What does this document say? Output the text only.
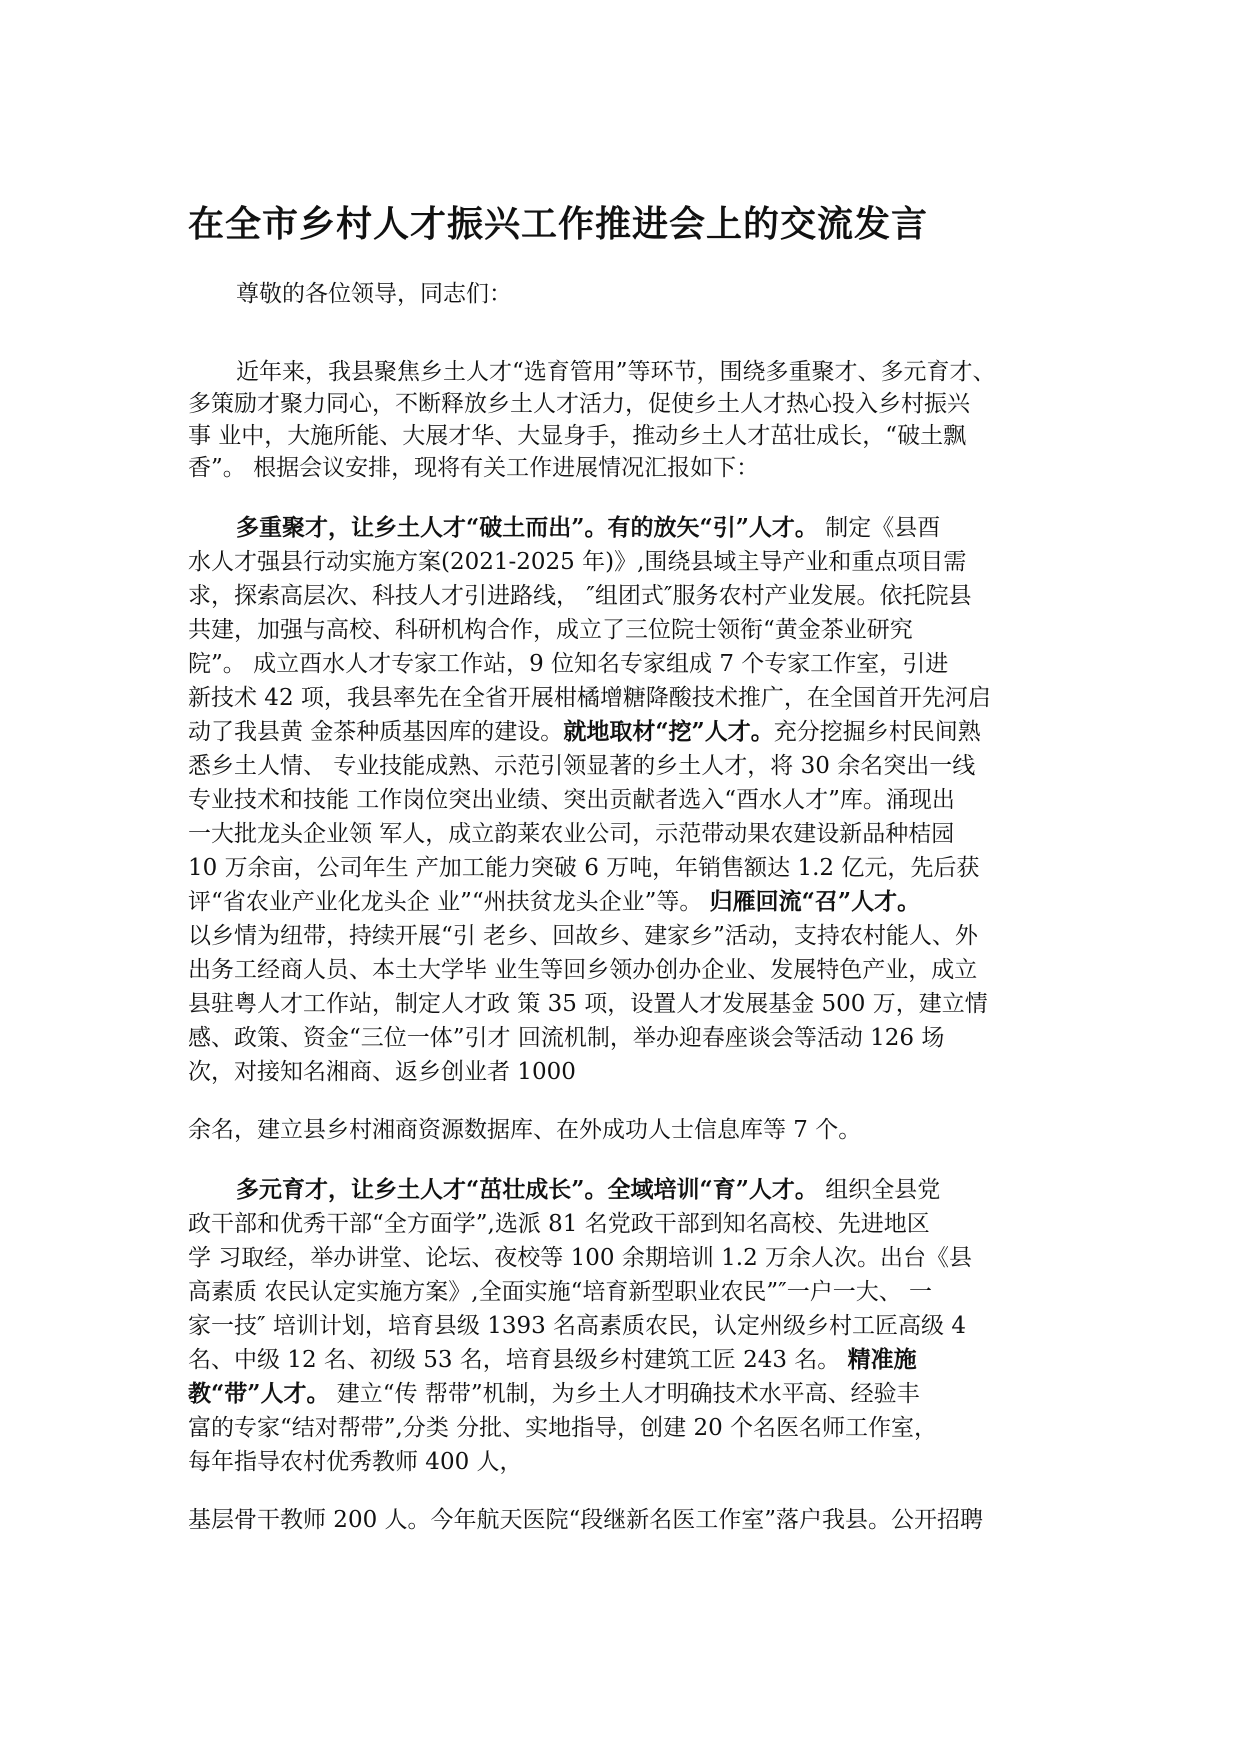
在全市乡村人才振兴工作推进会上的交流发言
尊敬的各位领导，同志们：
近年来，我县聚焦乡土人才“选育管用”等环节，围绕多重聚才、多元育才、
多策励才聚力同心，不断释放乡土人才活力，促使乡土人才热心投入乡村振兴
事 业中，大施所能、大展才华、大显身手，推动乡土人才茁壮成长，“破土飘
香”。 根据会议安排，现将有关工作进展情况汇报如下：
多重聚才，让乡土人才“破土而出”。有的放矢“引”人才。 制定《县酉
水人才强县行动实施方案(2021-2025 年)》,围绕县域主导产业和重点项目需
求，探索高层次、科技人才引进路线， ″组团式″服务农村产业发展。依托院县
共建，加强与高校、科研机构合作，成立了三位院士领衔“黄金茶业研究
院”。 成立酉水人才专家工作站，9 位知名专家组成 7 个专家工作室，引进
新技术 42 项，我县率先在全省开展柑橘增糖降酸技术推广，在全国首开先河启
动了我县黄 金茶种质基因库的建设。就地取材“挖”人才。充分挖掘乡村民间熟
悉乡土人情、 专业技能成熟、示范引领显著的乡土人才，将 30 余名突出一线
专业技术和技能 工作岗位突出业绩、突出贡献者选入“酉水人才”库。涌现出
一大批龙头企业领 军人，成立韵莱农业公司，示范带动果农建设新品种桔园
10 万余亩，公司年生 产加工能力突破 6 万吨，年销售额达 1.2 亿元，先后获
评“省农业产业化龙头企 业”“州扶贫龙头企业”等。 归雁回流“召”人才。
以乡情为纽带，持续开展“引 老乡、回故乡、建家乡”活动，支持农村能人、外
出务工经商人员、本土大学毕 业生等回乡领办创办企业、发展特色产业，成立
县驻粤人才工作站，制定人才政 策 35 项，设置人才发展基金 500 万，建立情
感、政策、资金“三位一体”引才 回流机制，举办迎春座谈会等活动 126 场
次，对接知名湘商、返乡创业者 1000
余名，建立县乡村湘商资源数据库、在外成功人士信息库等 7 个。
多元育才，让乡土人才“茁壮成长”。全域培训“育”人才。 组织全县党
政干部和优秀干部“全方面学”,选派 81 名党政干部到知名高校、先进地区
学 习取经，举办讲堂、论坛、夜校等 100 余期培训 1.2 万余人次。出台《县
高素质 农民认定实施方案》,全面实施“培育新型职业农民”″一户一大、 一
家一技″ 培训计划，培育县级 1393 名高素质农民，认定州级乡村工匠高级 4
名、中级 12 名、初级 53 名，培育县级乡村建筑工匠 243 名。 精准施
教“带”人才。 建立“传 帮带”机制，为乡土人才明确技术水平高、经验丰
富的专家“结对帮带”,分类 分批、实地指导，创建 20 个名医名师工作室，
每年指导农村优秀教师 400 人，
基层骨干教师 200 人。今年航天医院“段继新名医工作室”落户我县。公开招聘
